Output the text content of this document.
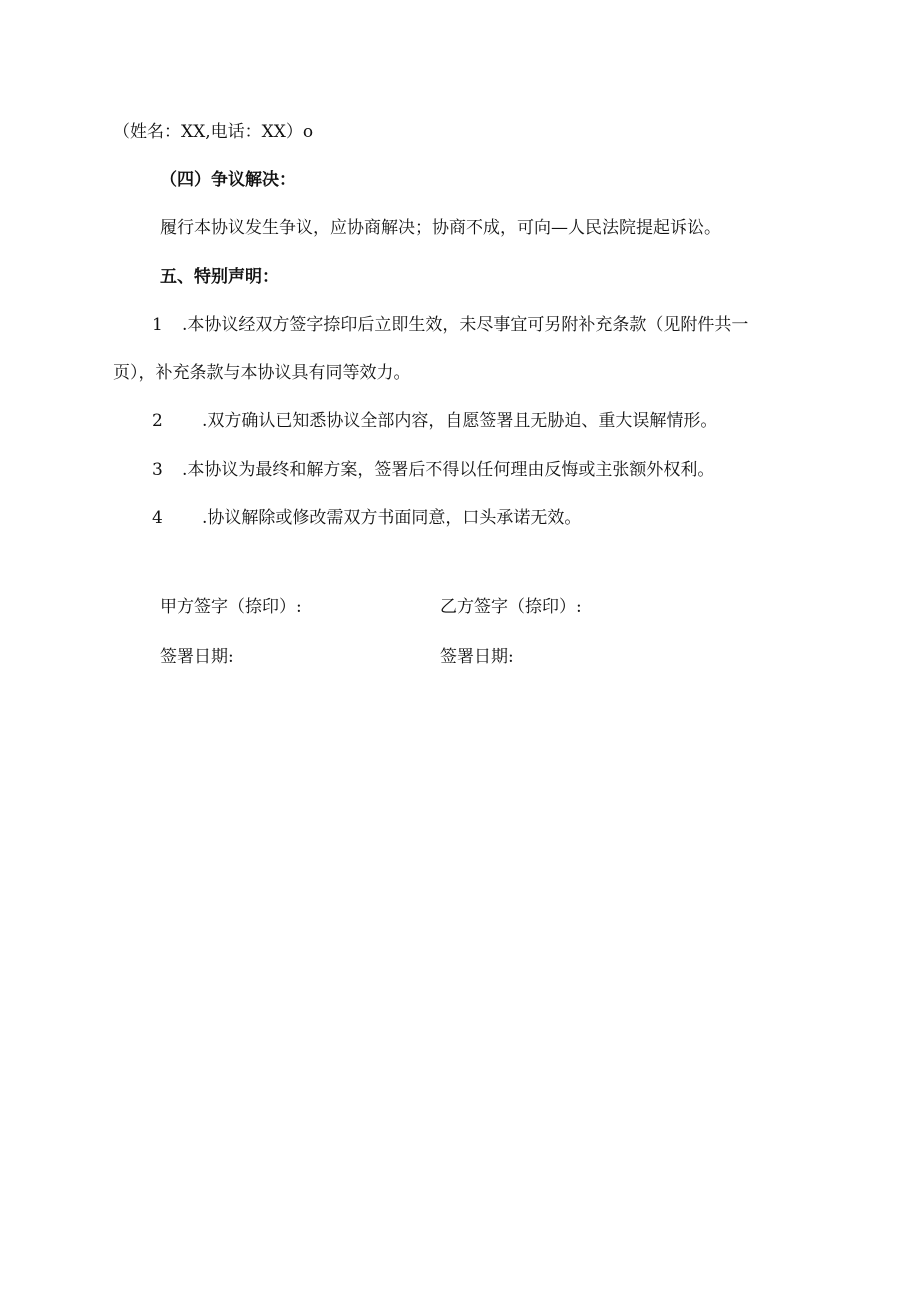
（姓名：XX,电话：XX）o
（四）争议解决：
履行本协议发生争议，应协商解决；协商不成，可向—人民法院提起诉讼。
五、特别声明：
1 .本协议经双方签字捺印后立即生效，未尽事宜可另附补充条款（见附件共一
页），补充条款与本协议具有同等效力。
2 .双方确认已知悉协议全部内容，自愿签署且无胁迫、重大误解情形。
3 .本协议为最终和解方案，签署后不得以任何理由反悔或主张额外权利。
4 .协议解除或修改需双方书面同意，口头承诺无效。
甲方签字（捺印）:	乙方签字（捺印）:
签署日期:	签署日期:
